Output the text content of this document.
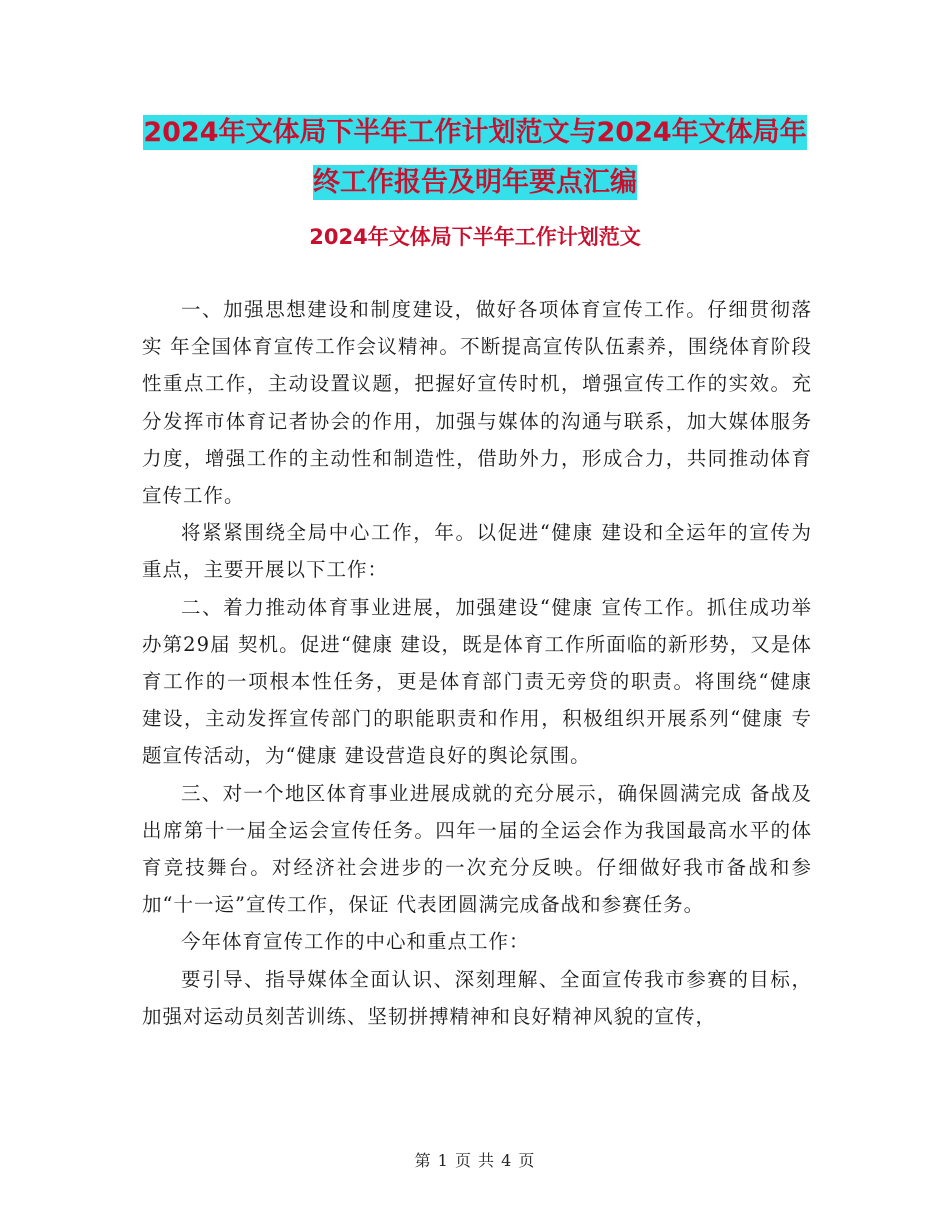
2024年文体局下半年工作计划范文与2024年文体局年
终工作报告及明年要点汇编
2024年文体局下半年工作计划范文

一、加强思想建设和制度建设，做好各项体育宣传工作。仔细贯彻落实 年全国体育宣传工作会议精神。不断提高宣传队伍素养，围绕体育阶段性重点工作，主动设置议题，把握好宣传时机，增强宣传工作的实效。充分发挥市体育记者协会的作用，加强与媒体的沟通与联系，加大媒体服务力度，增强工作的主动性和制造性，借助外力，形成合力，共同推动体育宣传工作。

将紧紧围绕全局中心工作，年。以促进“健康 建设和全运年的宣传为重点，主要开展以下工作：

二、着力推动体育事业进展，加强建设“健康 宣传工作。抓住成功举办第29届 契机。促进“健康 建设，既是体育工作所面临的新形势，又是体育工作的一项根本性任务，更是体育部门责无旁贷的职责。将围绕“健康 建设，主动发挥宣传部门的职能职责和作用，积极组织开展系列“健康 专题宣传活动，为“健康 建设营造良好的舆论氛围。

三、对一个地区体育事业进展成就的充分展示，确保圆满完成 备战及出席第十一届全运会宣传任务。四年一届的全运会作为我国最高水平的体育竞技舞台。对经济社会进步的一次充分反映。仔细做好我市备战和参加“十一运”宣传工作，保证 代表团圆满完成备战和参赛任务。

今年体育宣传工作的中心和重点工作：

要引导、指导媒体全面认识、深刻理解、全面宣传我市参赛的目标，加强对运动员刻苦训练、坚韧拼搏精神和良好精神风貌的宣传，

第 1 页 共 4 页
